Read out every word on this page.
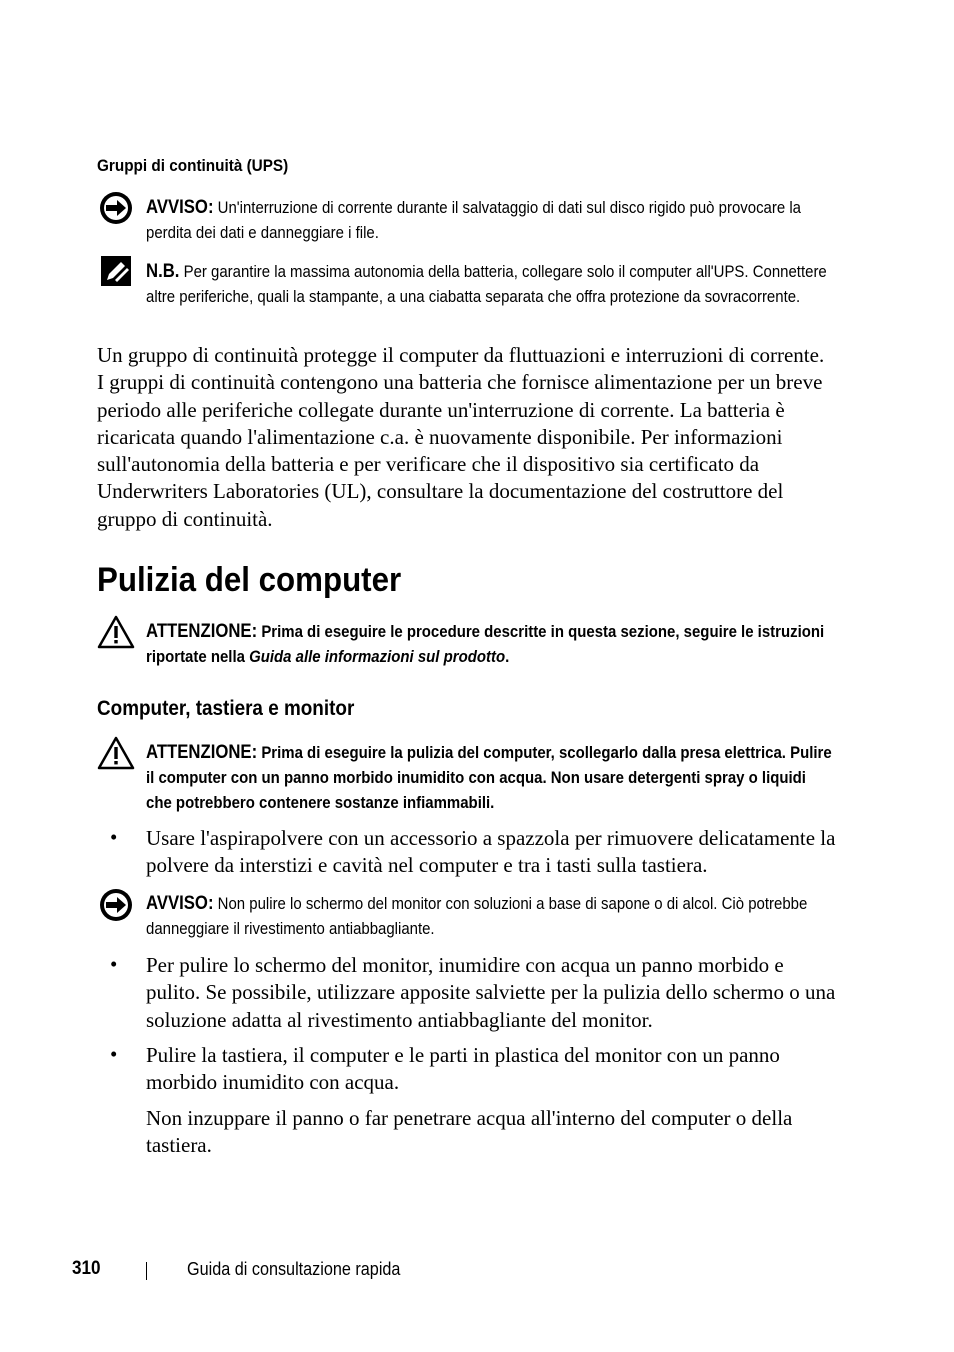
Gruppi di continuità (UPS)
AVVISO: Un'interruzione di corrente durante il salvataggio di dati sul disco rigido può provocare la perdita dei dati e danneggiare i file.
N.B. Per garantire la massima autonomia della batteria, collegare solo il computer all'UPS. Connettere altre periferiche, quali la stampante, a una ciabatta separata che offra protezione da sovracorrente.
Un gruppo di continuità protegge il computer da fluttuazioni e interruzioni di corrente. I gruppi di continuità contengono una batteria che fornisce alimentazione per un breve periodo alle periferiche collegate durante un'interruzione di corrente. La batteria è ricaricata quando l'alimentazione c.a. è nuovamente disponibile. Per informazioni sull'autonomia della batteria e per verificare che il dispositivo sia certificato da Underwriters Laboratories (UL), consultare la documentazione del costruttore del gruppo di continuità.
Pulizia del computer
ATTENZIONE: Prima di eseguire le procedure descritte in questa sezione, seguire le istruzioni riportate nella Guida alle informazioni sul prodotto.
Computer, tastiera e monitor
ATTENZIONE: Prima di eseguire la pulizia del computer, scollegarlo dalla presa elettrica. Pulire il computer con un panno morbido inumidito con acqua. Non usare detergenti spray o liquidi che potrebbero contenere sostanze infiammabili.
• Usare l'aspirapolvere con un accessorio a spazzola per rimuovere delicatamente la polvere da interstizi e cavità nel computer e tra i tasti sulla tastiera.
AVVISO: Non pulire lo schermo del monitor con soluzioni a base di sapone o di alcol. Ciò potrebbe danneggiare il rivestimento antiabbagliante.
• Per pulire lo schermo del monitor, inumidire con acqua un panno morbido e pulito. Se possibile, utilizzare apposite salviette per la pulizia dello schermo o una soluzione adatta al rivestimento antiabbagliante del monitor.
• Pulire la tastiera, il computer e le parti in plastica del monitor con un panno morbido inumidito con acqua.
Non inzuppare il panno o far penetrare acqua all'interno del computer o della tastiera.
310	Guida di consultazione rapida
